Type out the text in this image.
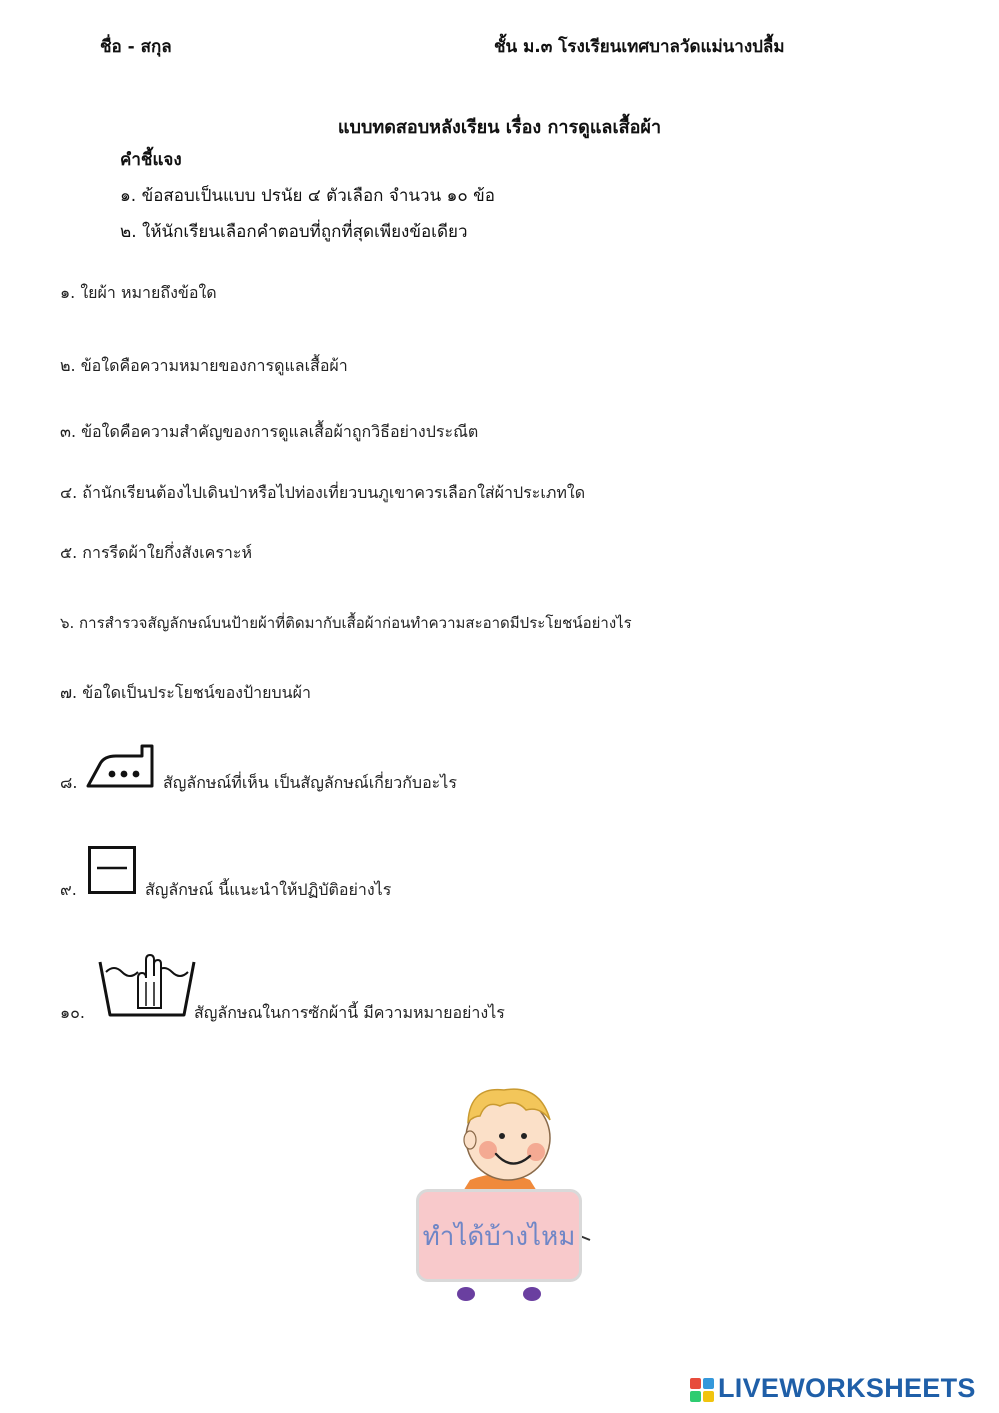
ชื่อ - สกุล	ชั้น ม.๓ โรงเรียนเทศบาลวัดแม่นางปลื้ม
แบบทดสอบหลังเรียน เรื่อง การดูแลเสื้อผ้า
คำชี้แจง
๑. ข้อสอบเป็นแบบ ปรนัย ๔ ตัวเลือก จำนวน ๑๐ ข้อ
๒. ให้นักเรียนเลือกคำตอบที่ถูกที่สุดเพียงข้อเดียว
๑. ใยผ้า หมายถึงข้อใด
๒. ข้อใดคือความหมายของการดูแลเสื้อผ้า
๓. ข้อใดคือความสำคัญของการดูแลเสื้อผ้าถูกวิธีอย่างประณีต
๔. ถ้านักเรียนต้องไปเดินป่าหรือไปท่องเที่ยวบนภูเขาควรเลือกใส่ผ้าประเภทใด
๕. การรีดผ้าใยกึ่งสังเคราะห์
๖. การสำรวจสัญลักษณ์บนป้ายผ้าที่ติดมากับเสื้อผ้าก่อนทำความสะอาดมีประโยชน์อย่างไร
๗. ข้อใดเป็นประโยชน์ของป้ายบนผ้า
๘.	สัญลักษณ์ที่เห็น เป็นสัญลักษณ์เกี่ยวกับอะไร
๙.	สัญลักษณ์ นี้แนะนำให้ปฏิบัติอย่างไร
๑๐.	สัญลักษณในการซักผ้านี้ มีความหมายอย่างไร
ทำได้บ้างไหม
LIVEWORKSHEETS
